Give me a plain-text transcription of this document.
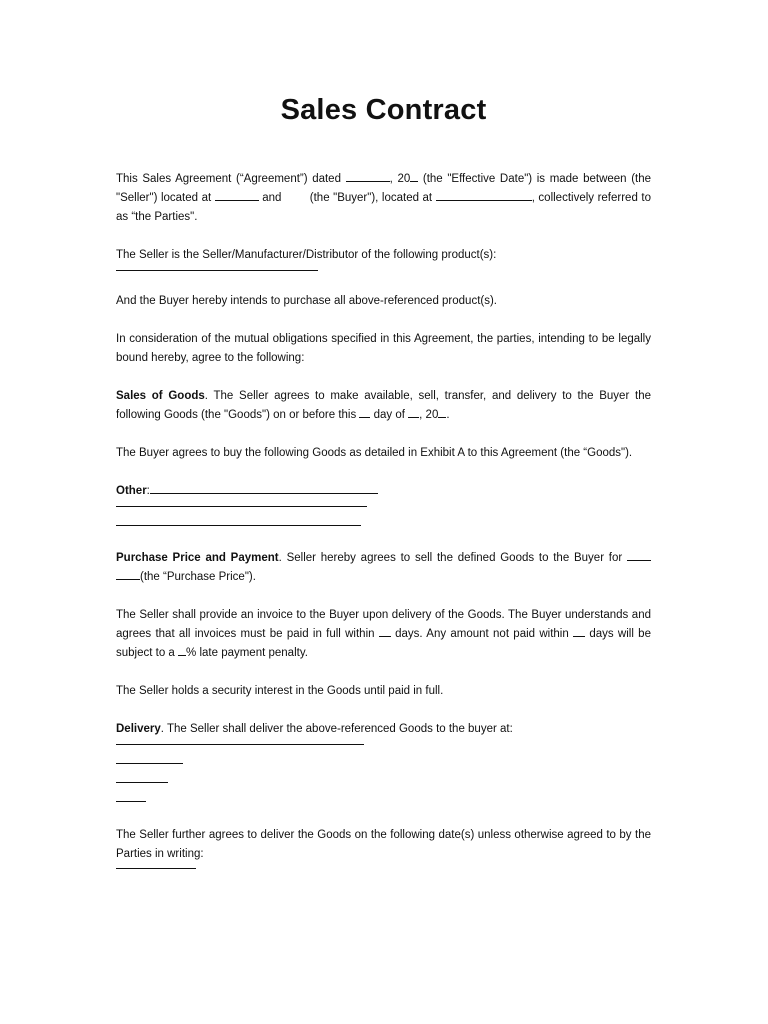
Sales Contract

This Sales Agreement (“Agreement”) dated	, 20 (the "Effective Date") is made between (the "Seller") located at	and (the "Buyer"), located at	, collectively referred to as “the Parties".

The Seller is the Seller/Manufacturer/Distributor of the following product(s):

And the Buyer hereby intends to purchase all above-referenced product(s).

In consideration of the mutual obligations specified in this Agreement, the parties, intending to be legally bound hereby, agree to the following:

Sales of Goods. The Seller agrees to make available, sell, transfer, and delivery to the Buyer the following Goods (the "Goods") on or before this day of , 20 .

The Buyer agrees to buy the following Goods as detailed in Exhibit A to this Agreement (the “Goods").

Other:

Purchase Price and Payment. Seller hereby agrees to sell the defined Goods to the Buyer for  (the “Purchase Price").

The Seller shall provide an invoice to the Buyer upon delivery of the Goods. The Buyer understands and agrees that all invoices must be paid in full within days. Any amount not paid within days will be subject to a % late payment penalty.

The Seller holds a security interest in the Goods until paid in full.

Delivery. The Seller shall deliver the above-referenced Goods to the buyer at:

The Seller further agrees to deliver the Goods on the following date(s) unless otherwise agreed to by the Parties in writing:
